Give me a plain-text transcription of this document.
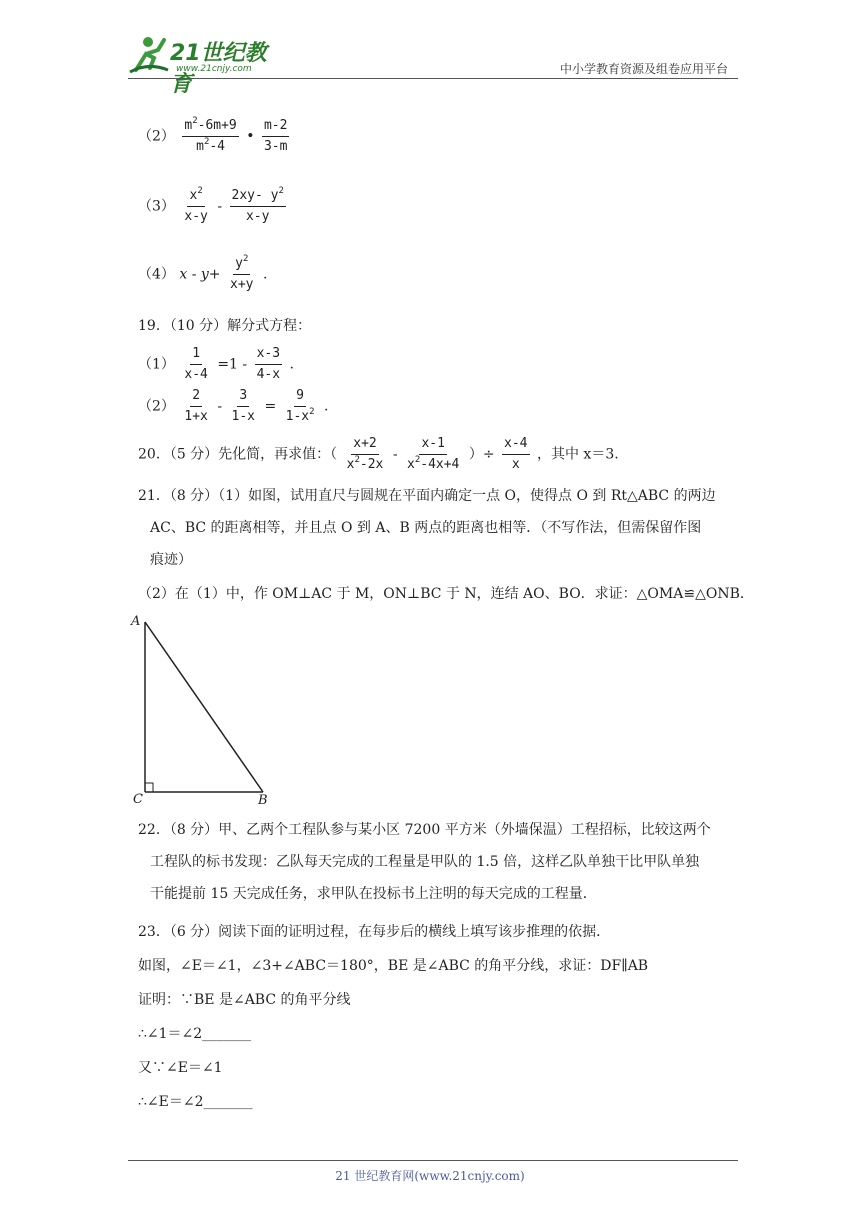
21世纪教育
www.21cnjy.com	中小学教育资源及组卷应用平台
$(2) \frac{m^2-6m+9}{m^2-4}$ • $\frac{m-2}{3-m}$
$(3) \frac{x^2}{x-y} - \frac{2xy- y^2}{x-y}$
（4） $x - y+ \frac{y^2}{x+y}$ .
19．（10 分）解分式方程：
$(1) \frac{1}{x-4} =1 - \frac{x-3}{4-x}$ .
$(2) \frac{2}{1+x} - \frac{3}{1-x} = \frac{9}{1-x^2}$ .
20．（5 分）先化简，再求值：（ $\frac{x+2}{x^2-2x} - \frac{x-1}{x^2-4x+4}$ ）÷ $\frac{x-4}{x}$ ，其中 x＝3.
21．（8 分）（1）如图，试用直尺与圆规在平面内确定一点 O，使得点 O 到 Rt△ABC 的两边
AC、BC 的距离相等，并且点 O 到 A、B 两点的距离也相等．（不写作法，但需保留作图
痕迹）
（2）在（1）中，作 OM⊥AC 于 M，ON⊥BC 于 N，连结 AO、BO．求证：△OMA≌△ONB．
A
C	B
22．（8 分）甲、乙两个工程队参与某小区 7200 平方米（外墙保温）工程招标，比较这两个
工程队的标书发现：乙队每天完成的工程量是甲队的 1.5 倍，这样乙队单独干比甲队单独
干能提前 15 天完成任务，求甲队在投标书上注明的每天完成的工程量．
23．（6 分）阅读下面的证明过程，在每步后的横线上填写该步推理的依据．
如图，∠E＝∠1，∠3+∠ABC＝180°，BE 是∠ABC 的角平分线，求证：DF∥AB
证明：∵BE 是∠ABC 的角平分线
∴∠1＝∠2_______
又∵∠E＝∠1
∴∠E＝∠2_______
21 世纪教育网(www.21cnjy.com)
